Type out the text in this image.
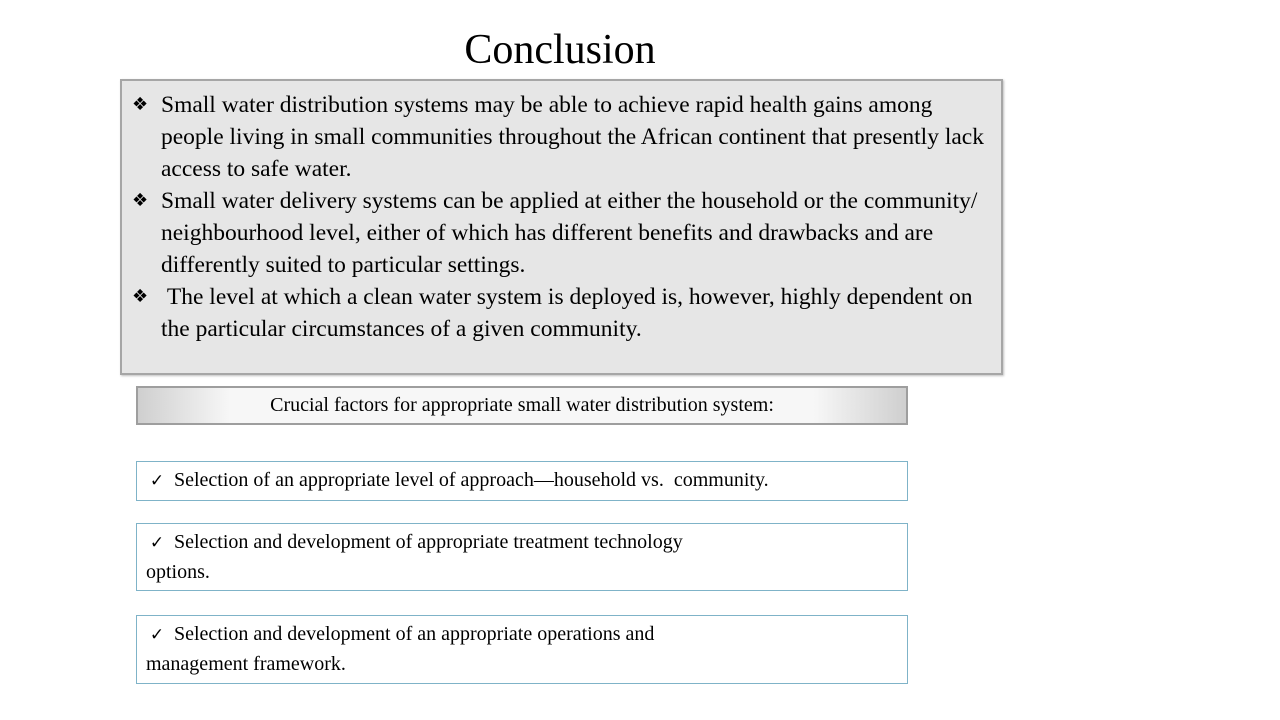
Conclusion
❖ Small water distribution systems may be able to achieve rapid health gains among people living in small communities throughout the African continent that presently lack access to safe water.
❖ Small water delivery systems can be applied at either the household or the community/ neighbourhood level, either of which has different benefits and drawbacks and are differently suited to particular settings.
❖ The level at which a clean water system is deployed is, however, highly dependent on the particular circumstances of a given community.
Crucial factors for appropriate small water distribution system:
✓ Selection of an appropriate level of approach—household vs.  community.
✓ Selection and development of appropriate treatment technology options.
✓ Selection and development of an appropriate operations and management framework.
